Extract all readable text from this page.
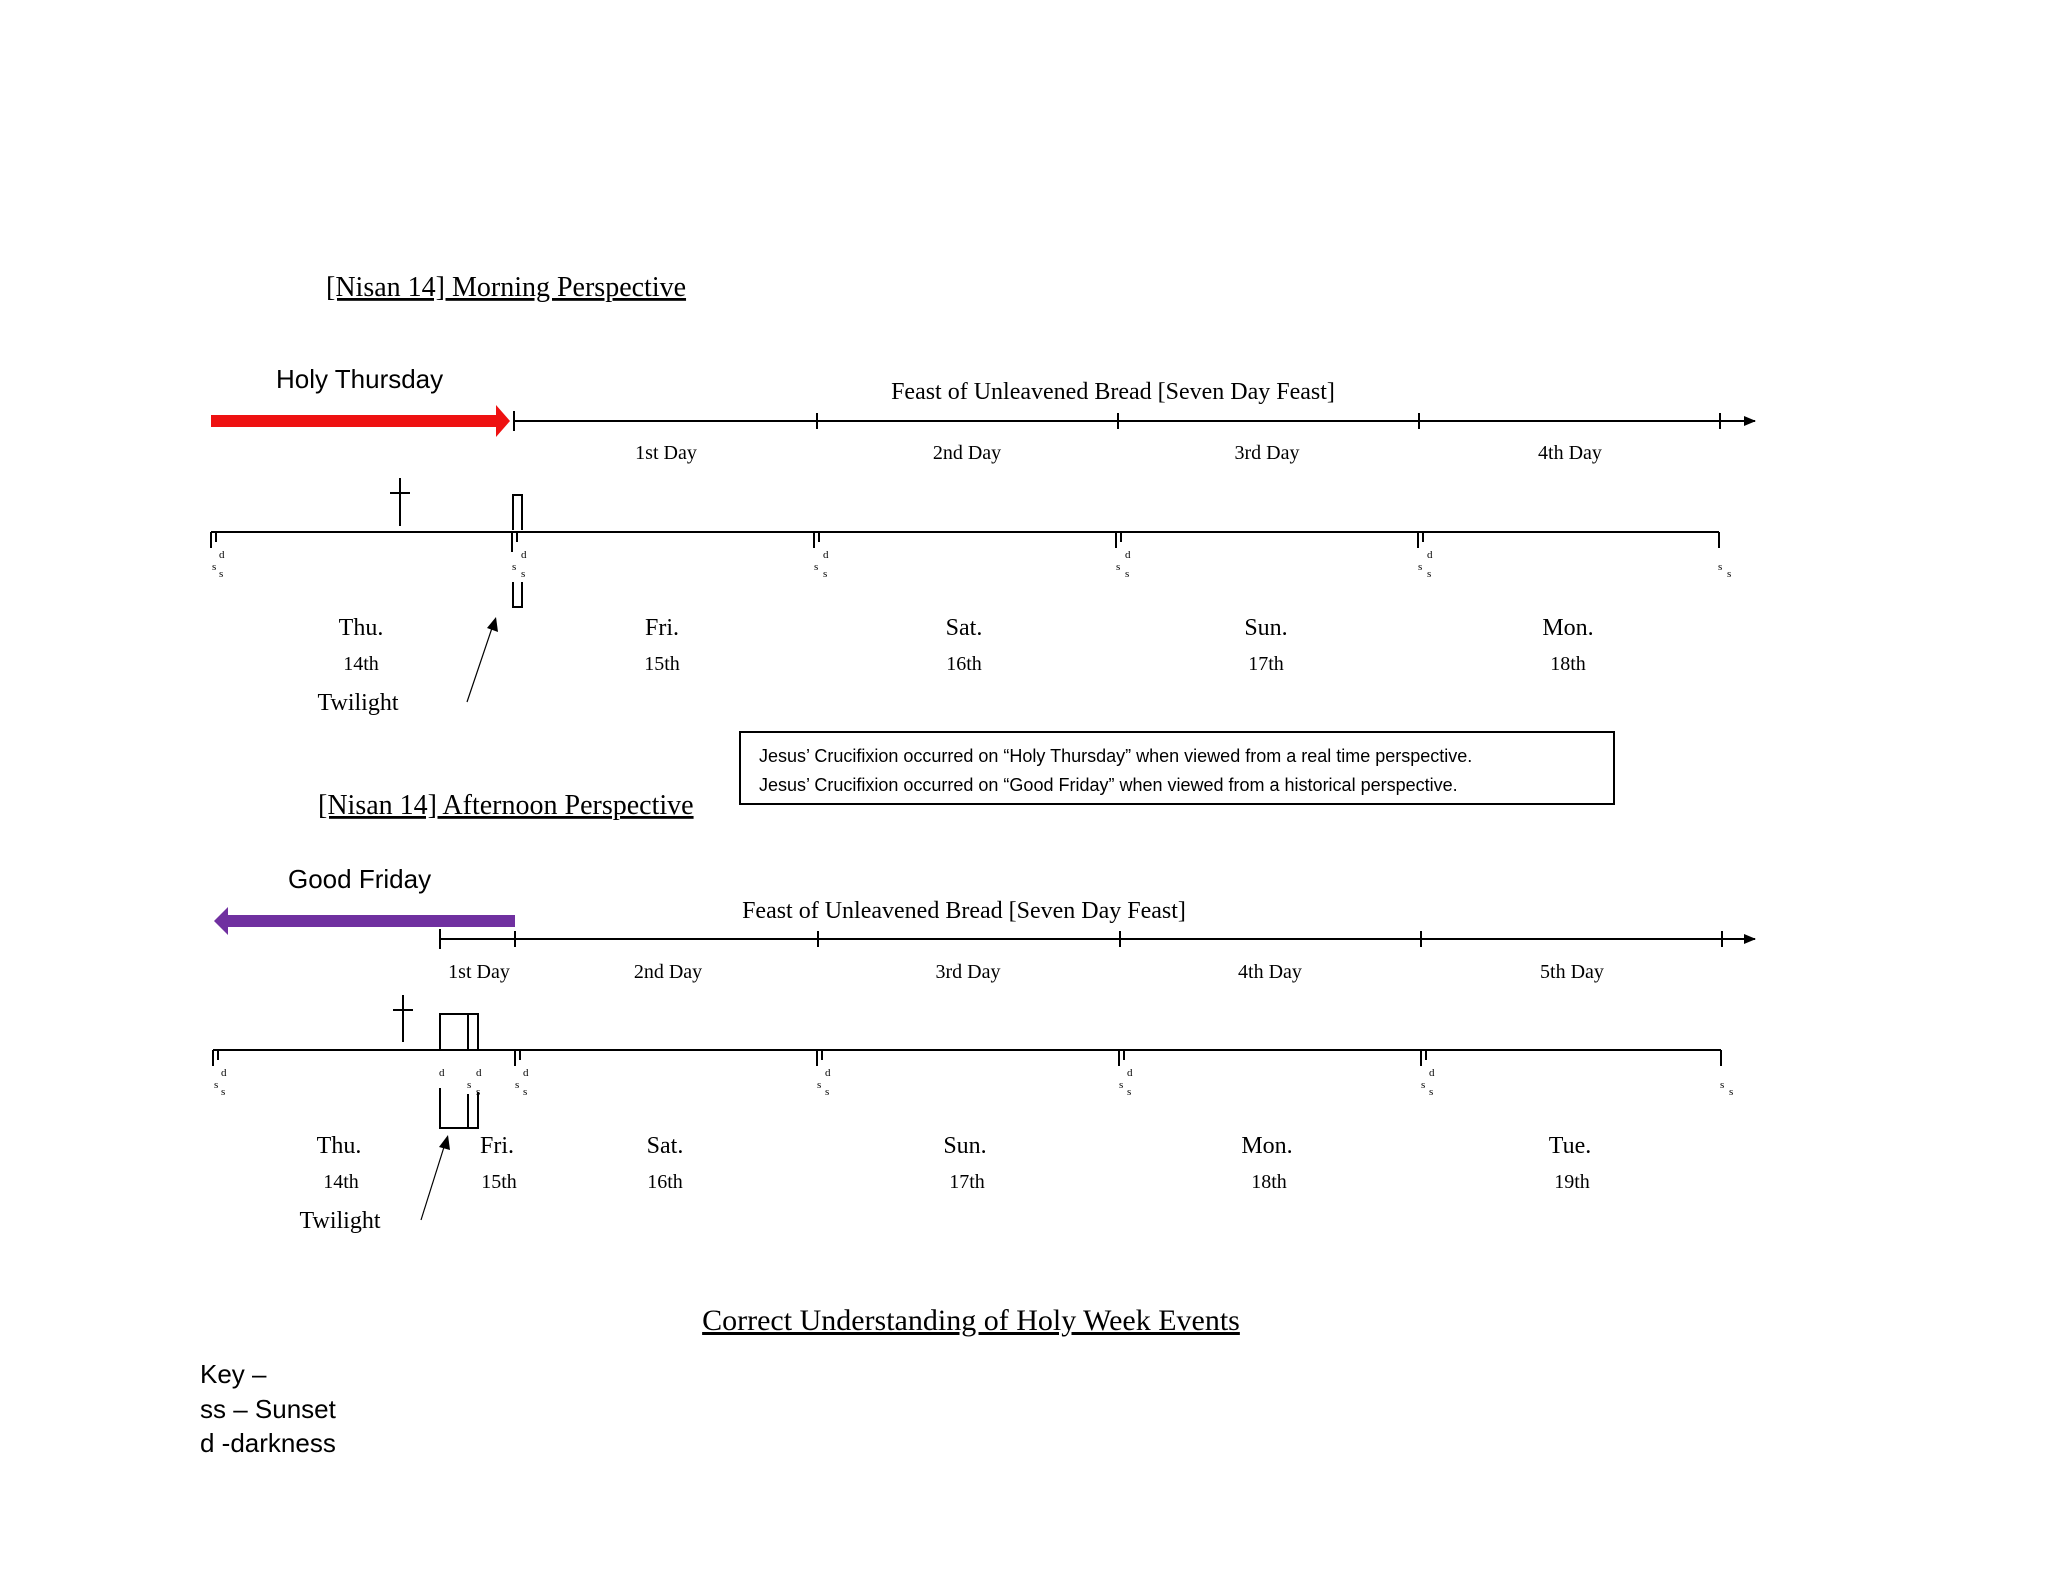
[Nisan 14] Morning Perspective
Holy Thursday	Feast of Unleavened Bread [Seven Day Feast]
1st Day	2nd Day	3rd Day	4th Day
d
s
s
d
s
s
d
s
s
d
s
s
d
s
s
s
s
Thu.
14th
Fri.
15th
Sat.
16th
Sun.
17th
Mon.
18th
Twilight
Jesus’ Crucifixion occurred on “Holy Thursday” when viewed from a real time perspective.
Jesus’ Crucifixion occurred on “Good Friday” when viewed from a historical perspective.
[Nisan 14] Afternoon Perspective
Good Friday
Feast of Unleavened Bread [Seven Day Feast]
1st Day	2nd Day	3rd Day	4th Day	5th Day
d
s
s
d	d
s
s
d
s
s
d
s
s
d
s
s
d
s
s
s
s
Thu.
14th
Fri.
15th
Sat.
16th
Sun.
17th
Mon.
18th
Tue.
19th
Twilight
Correct Understanding of Holy Week Events
Key –
ss – Sunset
d -darkness
